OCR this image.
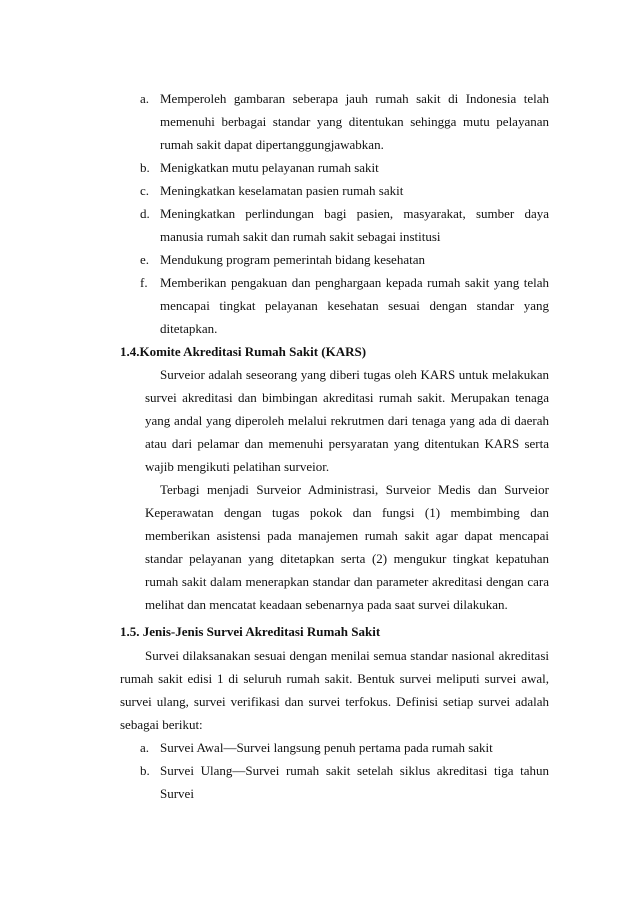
a. Memperoleh gambaran seberapa jauh rumah sakit di Indonesia telah
memenuhi berbagai standar yang ditentukan sehingga mutu pelayanan
rumah sakit dapat dipertanggungjawabkan.
b. Menigkatkan mutu pelayanan rumah sakit
c. Meningkatkan keselamatan pasien rumah sakit
d. Meningkatkan perlindungan bagi pasien, masyarakat, sumber daya
manusia rumah sakit dan rumah sakit sebagai institusi
e. Mendukung program pemerintah bidang kesehatan
f. Memberikan pengakuan dan penghargaan kepada rumah sakit yang telah
mencapai tingkat pelayanan kesehatan sesuai dengan standar yang
ditetapkan.
1.4.Komite Akreditasi Rumah Sakit (KARS)
Surveior adalah seseorang yang diberi tugas oleh KARS untuk melakukan
survei akreditasi dan bimbingan akreditasi rumah sakit. Merupakan tenaga
yang andal yang diperoleh melalui rekrutmen dari tenaga yang ada di daerah
atau dari pelamar dan memenuhi persyaratan yang ditentukan KARS serta
wajib mengikuti pelatihan surveior.
Terbagi menjadi Surveior Administrasi, Surveior Medis dan Surveior
Keperawatan dengan tugas pokok dan fungsi (1) membimbing dan
memberikan asistensi pada manajemen rumah sakit agar dapat mencapai
standar pelayanan yang ditetapkan serta (2) mengukur tingkat kepatuhan
rumah sakit dalam menerapkan standar dan parameter akreditasi dengan cara
melihat dan mencatat keadaan sebenarnya pada saat survei dilakukan.
1.5. Jenis-Jenis Survei Akreditasi Rumah Sakit
Survei dilaksanakan sesuai dengan menilai semua standar nasional akreditasi
rumah sakit edisi 1 di seluruh rumah sakit. Bentuk survei meliputi survei awal,
survei ulang, survei verifikasi dan survei terfokus. Definisi setiap survei adalah
sebagai berikut:
a. Survei Awal—Survei langsung penuh pertama pada rumah sakit
b. Survei Ulang—Survei rumah sakit setelah siklus akreditasi tiga tahun
Survei
